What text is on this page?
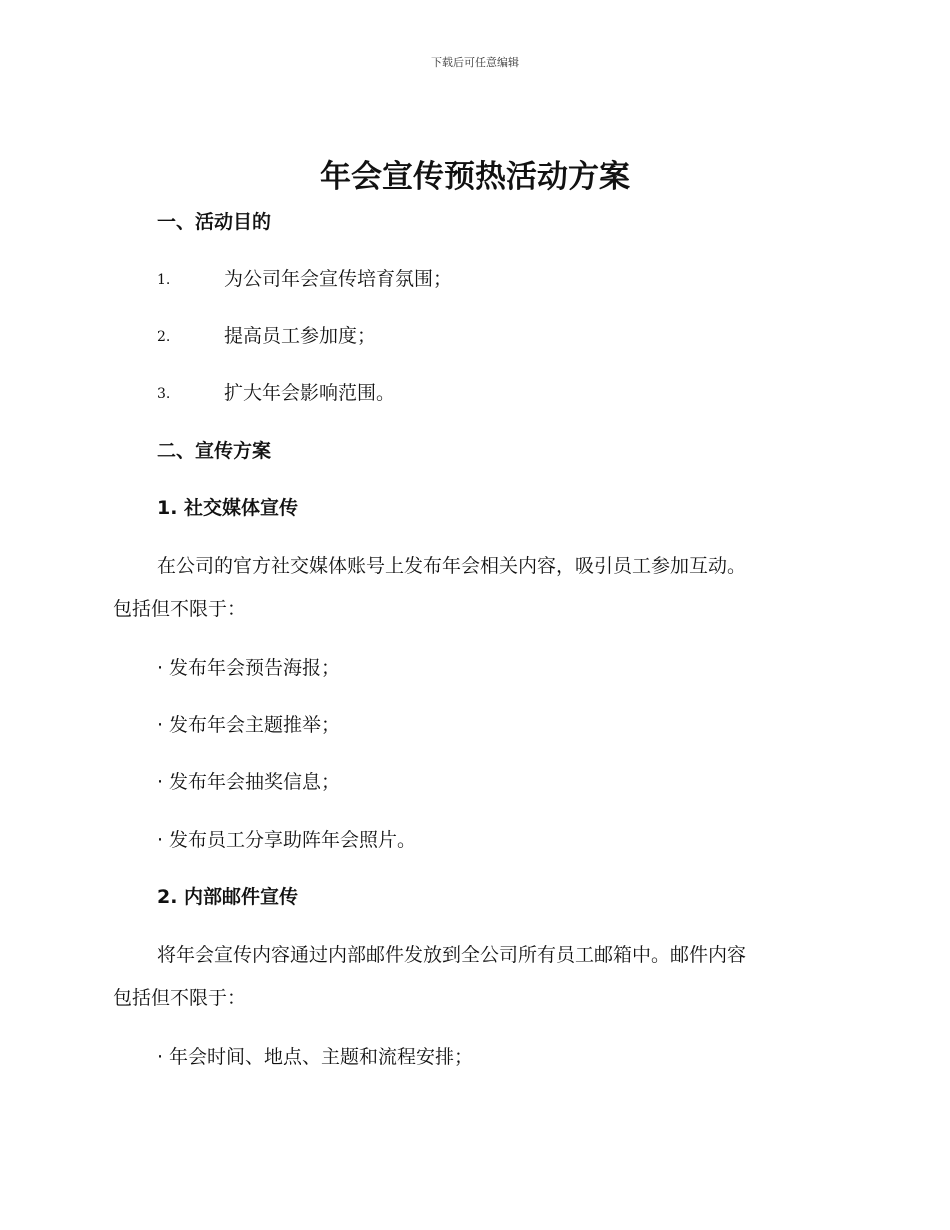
下载后可任意编辑
年会宣传预热活动方案
一、活动目的
1.	为公司年会宣传培育氛围；
2.	提高员工参加度；
3.	扩大年会影响范围。
二、宣传方案
1. 社交媒体宣传
在公司的官方社交媒体账号上发布年会相关内容，吸引员工参加互动。
包括但不限于：
· 发布年会预告海报；
· 发布年会主题推举；
· 发布年会抽奖信息；
· 发布员工分享助阵年会照片。
2. 内部邮件宣传
将年会宣传内容通过内部邮件发放到全公司所有员工邮箱中。邮件内容
包括但不限于：
· 年会时间、地点、主题和流程安排；
